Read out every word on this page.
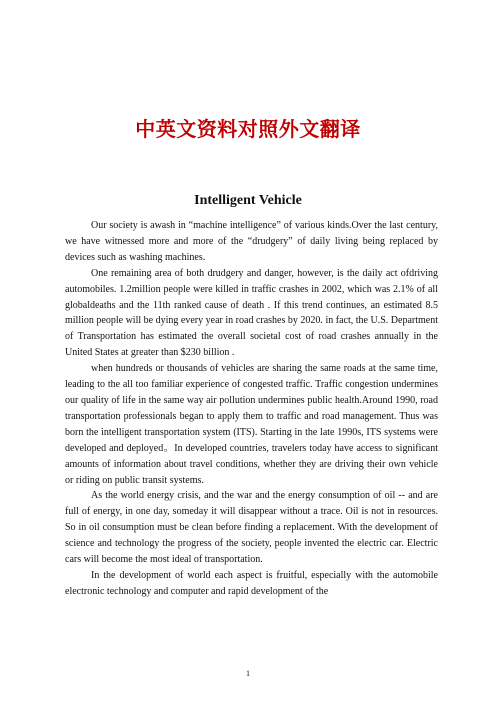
中英文资料对照外文翻译
Intelligent Vehicle

Our society is awash in “machine intelligence” of various kinds.Over the last century, we have witnessed more and more of the “drudgery” of daily living being replaced by devices such as washing machines.

One remaining area of both drudgery and danger, however, is the daily act ofdriving automobiles. 1.2million people were killed in traffic crashes in 2002, which was 2.1% of all globaldeaths and the 11th ranked cause of death . If this trend continues, an estimated 8.5 million people will be dying every year in road crashes by 2020. in fact, the U.S. Department of Transportation has estimated the overall societal cost of road crashes annually in the United States at greater than $230 billion .

when hundreds or thousands of vehicles are sharing the same roads at the same time, leading to the all too familiar experience of congested traffic. Traffic congestion undermines our quality of life in the same way air pollution undermines public health.Around 1990, road transportation professionals began to apply them to traffic and road management. Thus was born the intelligent transportation system (ITS). Starting in the late 1990s, ITS systems were developed and deployed。In developed countries, travelers today have access to significant amounts of information about travel conditions, whether they are driving their own vehicle or riding on public transit systems.

As the world energy crisis, and the war and the energy consumption of oil -- and are full of energy, in one day, someday it will disappear without a trace. Oil is not in resources. So in oil consumption must be clean before finding a replacement. With the development of science and technology the progress of the society, people invented the electric car. Electric cars will become the most ideal of transportation.

In the development of world each aspect is fruitful, especially with the automobile electronic technology and computer and rapid development of the

1
